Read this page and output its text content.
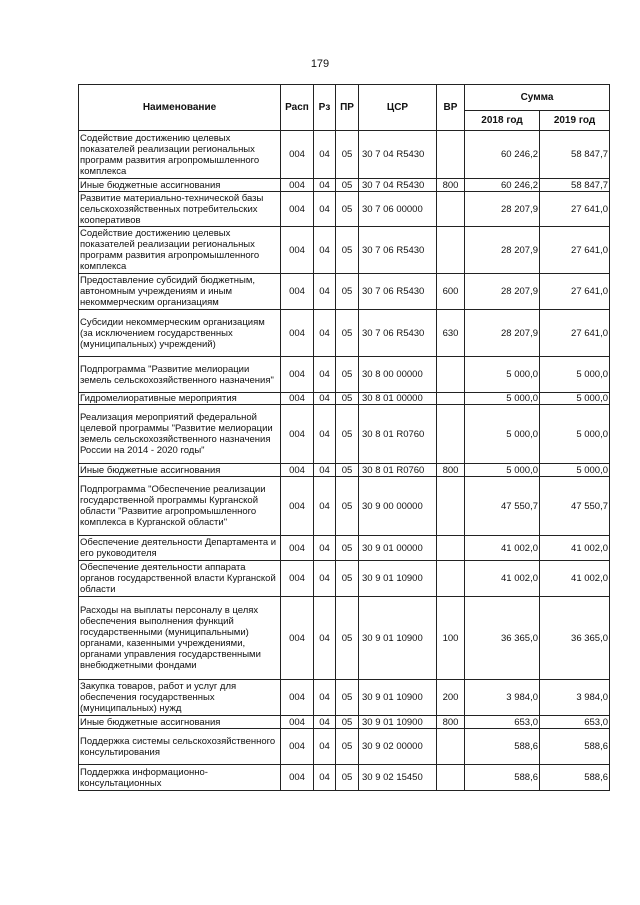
179
Наименование	Расп	Рз	ПР	ЦСР	ВР	Сумма	
						2018 год	2019 год
Содействие достижению целевых показателей реализации региональных программ развития агропромышленного комплекса	004	04	05	30 7 04 R5430		60 246,2	58 847,7
Иные бюджетные ассигнования	004	04	05	30 7 04 R5430	800	60 246,2	58 847,7
Развитие материально-технической базы сельскохозяйственных потребительских кооперативов	004	04	05	30 7 06 00000		28 207,9	27 641,0
Содействие достижению целевых показателей реализации региональных программ развития агропромышленного комплекса	004	04	05	30 7 06 R5430		28 207,9	27 641,0
Предоставление субсидий бюджетным, автономным учреждениям и иным некоммерческим организациям	004	04	05	30 7 06 R5430	600	28 207,9	27 641,0
Субсидии некоммерческим организациям (за исключением государственных (муниципальных) учреждений)	004	04	05	30 7 06 R5430	630	28 207,9	27 641,0
Подпрограмма "Развитие мелиорации земель сельскохозяйственного назначения"	004	04	05	30 8 00 00000		5 000,0	5 000,0
Гидромелиоративные мероприятия	004	04	05	30 8 01 00000		5 000,0	5 000,0
Реализация мероприятий федеральной целевой программы "Развитие мелиорации земель сельскохозяйственного назначения России на 2014 - 2020 годы"	004	04	05	30 8 01 R0760		5 000,0	5 000,0
Иные бюджетные ассигнования	004	04	05	30 8 01 R0760	800	5 000,0	5 000,0
Подпрограмма "Обеспечение реализации государственной программы Курганской области "Развитие агропромышленного комплекса в Курганской области"	004	04	05	30 9 00 00000		47 550,7	47 550,7
Обеспечение деятельности Департамента и его руководителя	004	04	05	30 9 01 00000		41 002,0	41 002,0
Обеспечение деятельности аппарата органов государственной власти Курганской области	004	04	05	30 9 01 10900		41 002,0	41 002,0
Расходы на выплаты персоналу в целях обеспечения выполнения функций государственными (муниципальными) органами, казенными учреждениями, органами управления государственными внебюджетными фондами	004	04	05	30 9 01 10900	100	36 365,0	36 365,0
Закупка товаров, работ и услуг для обеспечения государственных (муниципальных) нужд	004	04	05	30 9 01 10900	200	3 984,0	3 984,0
Иные бюджетные ассигнования	004	04	05	30 9 01 10900	800	653,0	653,0
Поддержка системы сельскохозяйственного консультирования	004	04	05	30 9 02 00000		588,6	588,6
Поддержка информационно-консультационных	004	04	05	30 9 02 15450		588,6	588,6
